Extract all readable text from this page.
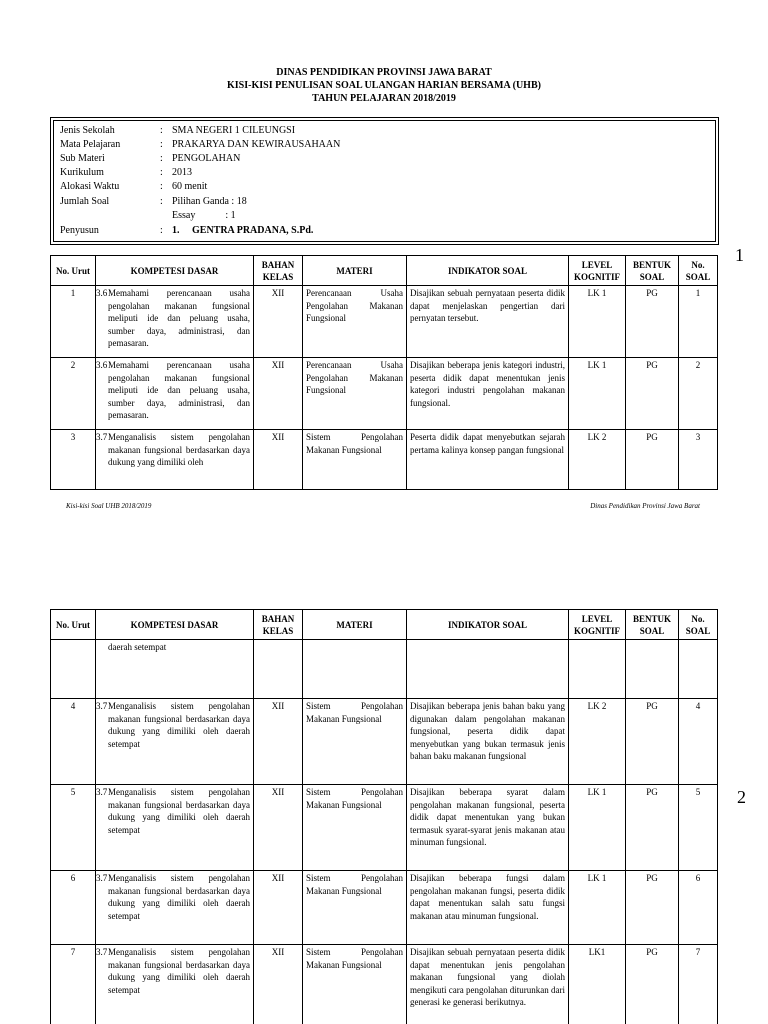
DINAS PENDIDIKAN PROVINSI JAWA BARAT
KISI-KISI PENULISAN SOAL ULANGAN HARIAN BERSAMA (UHB)
TAHUN PELAJARAN 2018/2019
Jenis Sekolah	: SMA NEGERI 1 CILEUNGSI
Mata Pelajaran	: PRAKARYA DAN KEWIRAUSAHAAN
Sub Materi	: PENGOLAHAN
Kurikulum	: 2013
Alokasi Waktu	: 60 menit
Jumlah Soal	: Pilihan Ganda : 18
Essay            : 1
Penyusun	: 1.     GENTRA PRADANA, S.Pd.
1
No. Urut	KOMPETESI DASAR	BAHAN KELAS	MATERI	INDIKATOR SOAL	LEVEL KOGNITIF	BENTUK SOAL	No. SOAL
1	3.6Memahami perencanaan usaha pengolahan makanan fungsional meliputi ide dan peluang usaha, sumber daya, administrasi, dan pemasaran.	XII	Perencanaan Usaha Pengolahan Makanan Fungsional	Disajikan sebuah pernyataan peserta didik dapat menjelaskan pengertian dari pernyatan tersebut.	LK 1	PG	1
2	3.6Memahami perencanaan usaha pengolahan makanan fungsional meliputi ide dan peluang usaha, sumber daya, administrasi, dan pemasaran.	XII	Perencanaan Usaha Pengolahan Makanan Fungsional	Disajikan beberapa jenis kategori industri, peserta didik dapat menentukan jenis kategori industri pengolahan makanan fungsional.	LK 1	PG	2
3	3.7Menganalisis sistem pengolahan makanan fungsional berdasarkan daya dukung yang dimiliki oleh	XII	Sistem Pengolahan Makanan Fungsional	Peserta didik dapat menyebutkan sejarah pertama kalinya konsep pangan fungsional	LK 2	PG	3
Kisi-kisi Soal UHB 2018/2019	Dinas Pendidikan Provinsi Jawa Barat
2
No. Urut	KOMPETESI DASAR	BAHAN KELAS	MATERI	INDIKATOR SOAL	LEVEL KOGNITIF	BENTUK SOAL	No. SOAL

	daerah setempat						

4	3.7Menganalisis sistem pengolahan makanan fungsional berdasarkan daya dukung yang dimiliki oleh daerah setempat	XII	Sistem Pengolahan Makanan Fungsional	Disajikan beberapa jenis bahan baku yang digunakan dalam pengolahan makanan fungsional, peserta didik dapat menyebutkan yang bukan termasuk jenis bahan baku makanan fungsional	LK 2	PG	4
5	3.7Menganalisis sistem pengolahan makanan fungsional berdasarkan daya dukung yang dimiliki oleh daerah setempat	XII	Sistem Pengolahan Makanan Fungsional	Disajikan beberapa syarat dalam pengolahan makanan fungsional, peserta didik dapat menentukan yang bukan termasuk syarat-syarat jenis makanan atau minuman fungsional.	LK 1	PG	5
6	3.7Menganalisis sistem pengolahan makanan fungsional berdasarkan daya dukung yang dimiliki oleh daerah setempat	XII	Sistem Pengolahan Makanan Fungsional	Disajikan beberapa fungsi dalam pengolahan makanan fungsi, peserta didik dapat menentukan salah satu fungsi makanan atau minuman fungsional.	LK 1	PG	6
7	3.7Menganalisis sistem pengolahan makanan fungsional berdasarkan daya dukung yang dimiliki oleh daerah setempat	XII	Sistem Pengolahan Makanan Fungsional	Disajikan sebuah pernyataan peserta didik dapat menentukan jenis pengolahan makanan fungsional yang diolah mengikuti cara pengolahan diturunkan dari generasi ke generasi berikutnya.	LK1	PG	7
